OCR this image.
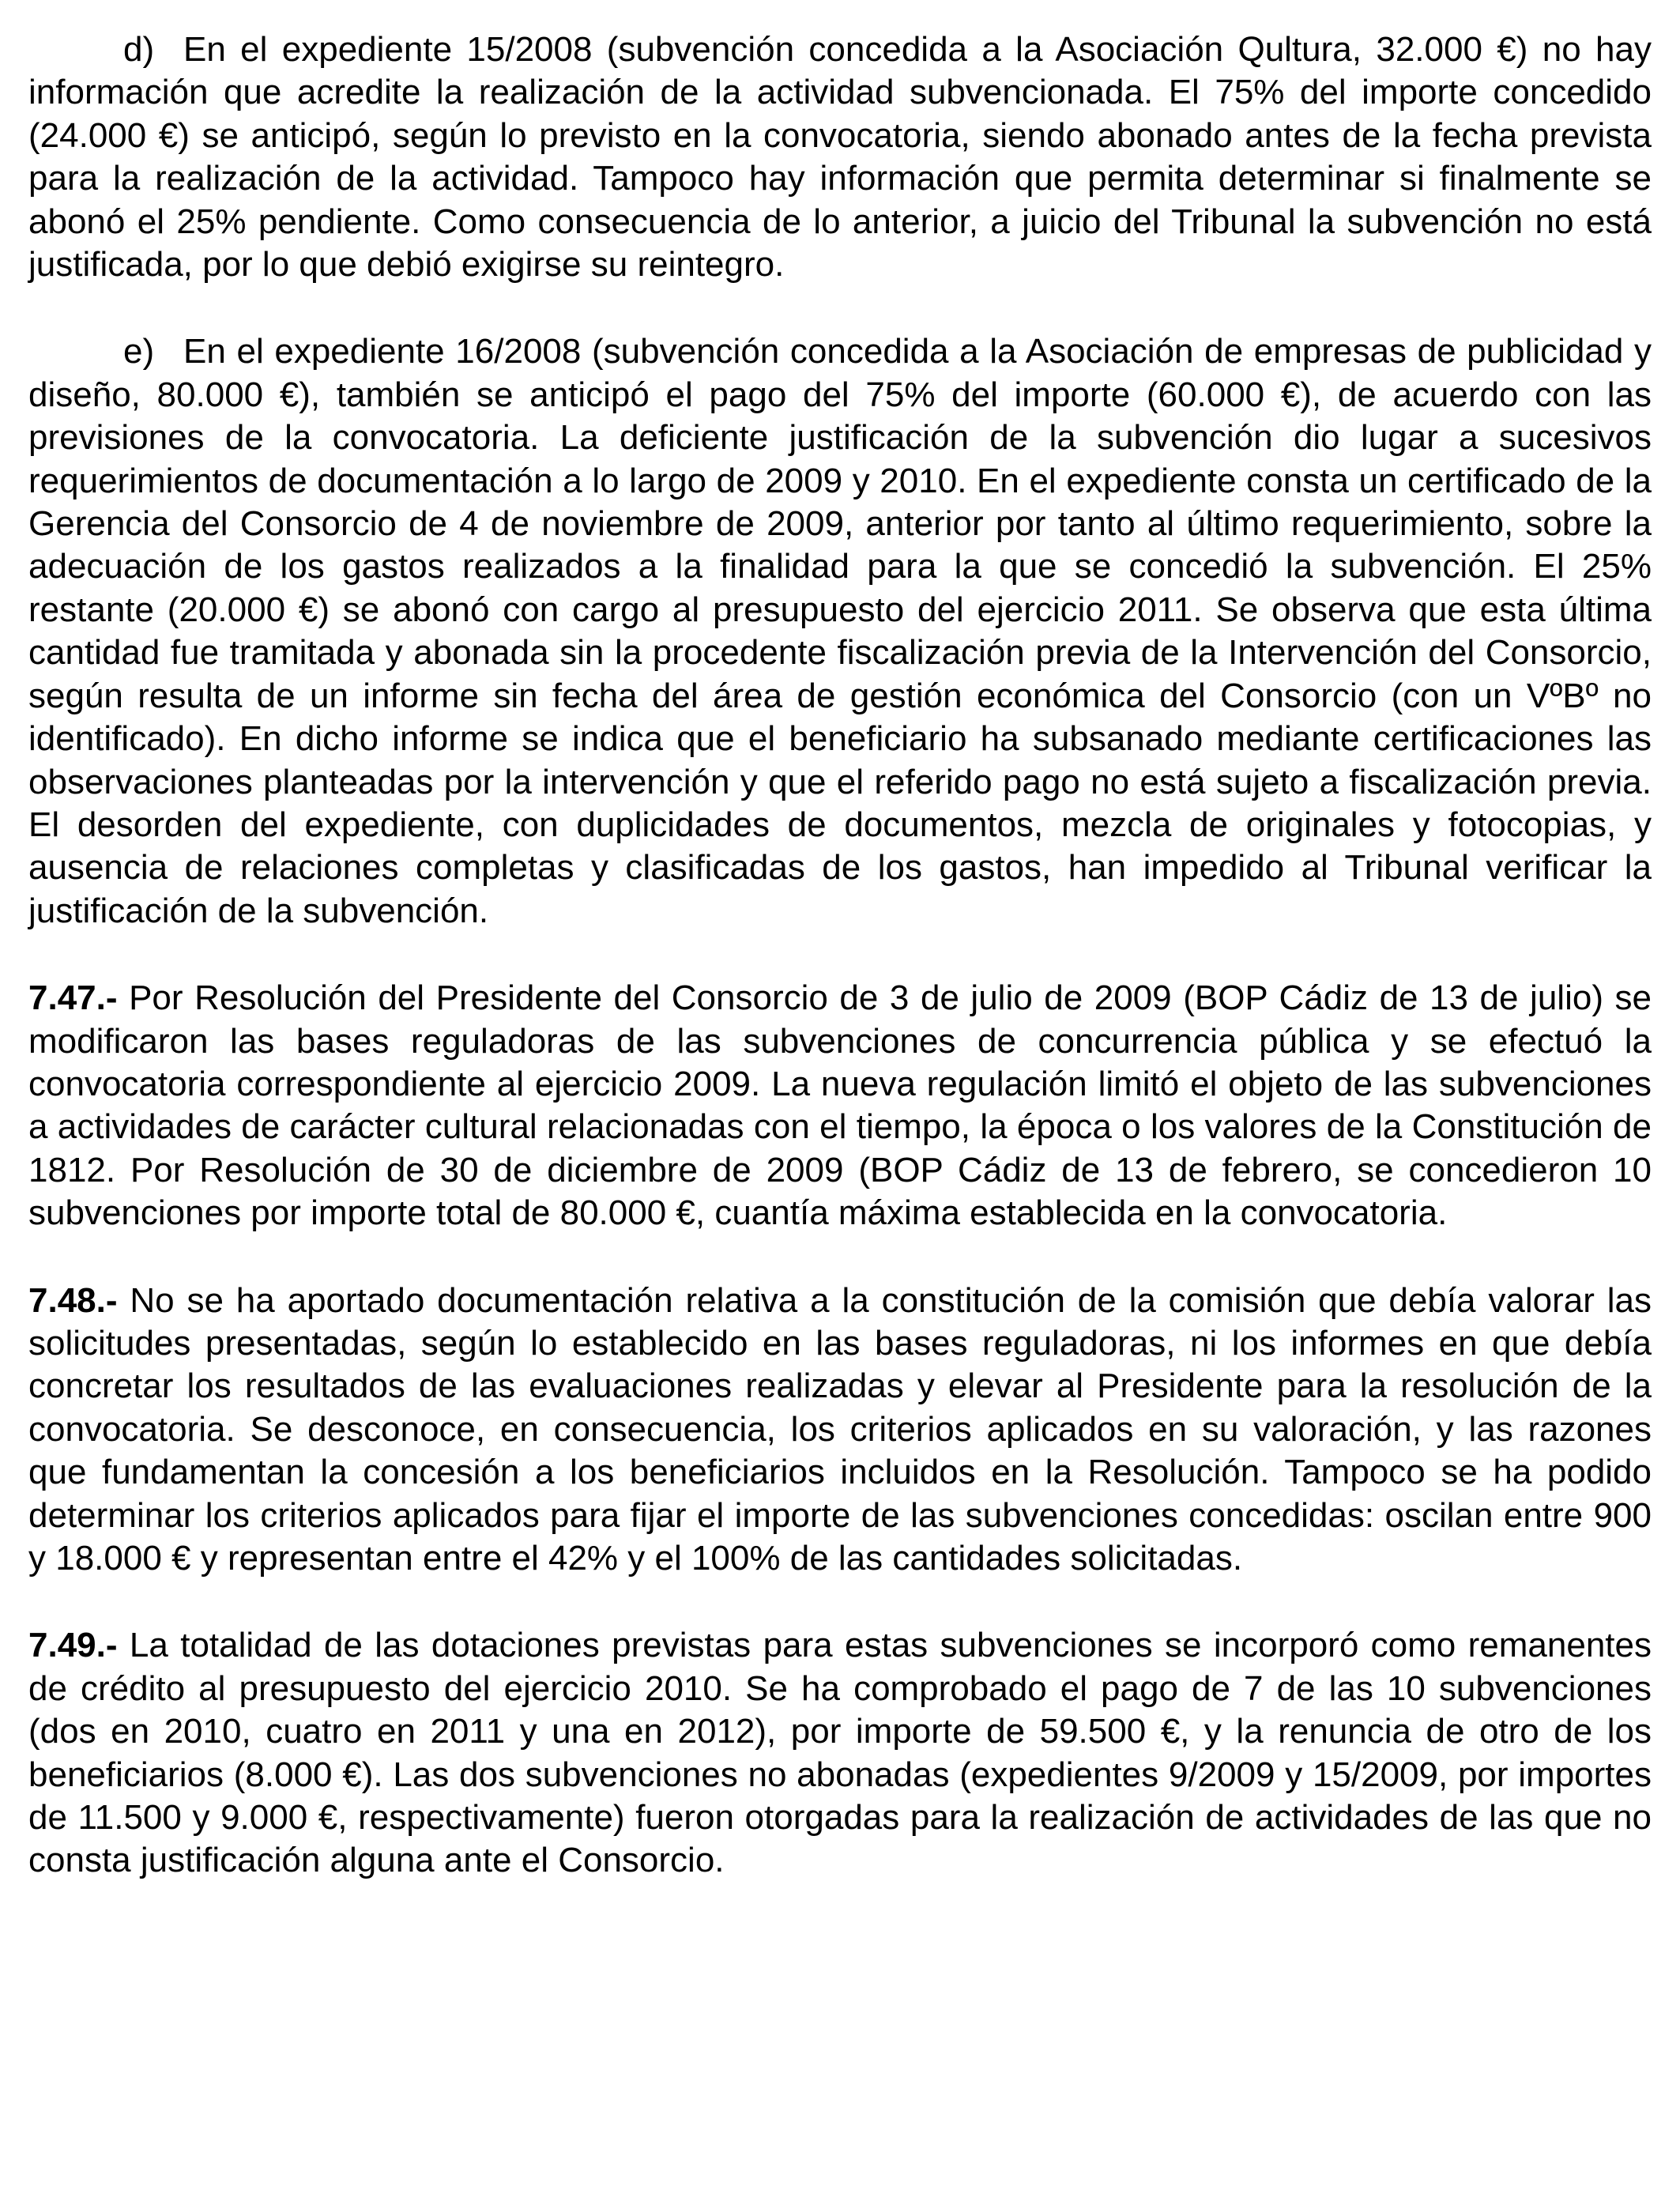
d) En el expediente 15/2008 (subvención concedida a la Asociación Qultura, 32.000 €) no hay información que acredite la realización de la actividad subvencionada. El 75% del importe concedido (24.000 €) se anticipó, según lo previsto en la convocatoria, siendo abonado antes de la fecha prevista para la realización de la actividad. Tampoco hay información que permita determinar si finalmente se abonó el 25% pendiente. Como consecuencia de lo anterior, a juicio del Tribunal la subvención no está justificada, por lo que debió exigirse su reintegro.

e) En el expediente 16/2008 (subvención concedida a la Asociación de empresas de publicidad y diseño, 80.000 €), también se anticipó el pago del 75% del importe (60.000 €), de acuerdo con las previsiones de la convocatoria. La deficiente justificación de la subvención dio lugar a sucesivos requerimientos de documentación a lo largo de 2009 y 2010. En el expediente consta un certificado de la Gerencia del Consorcio de 4 de noviembre de 2009, anterior por tanto al último requerimiento, sobre la adecuación de los gastos realizados a la finalidad para la que se concedió la subvención. El 25% restante (20.000 €) se abonó con cargo al presupuesto del ejercicio 2011. Se observa que esta última cantidad fue tramitada y abonada sin la procedente fiscalización previa de la Intervención del Consorcio, según resulta de un informe sin fecha del área de gestión económica del Consorcio (con un VºBº no identificado). En dicho informe se indica que el beneficiario ha subsanado mediante certificaciones las observaciones planteadas por la intervención y que el referido pago no está sujeto a fiscalización previa. El desorden del expediente, con duplicidades de documentos, mezcla de originales y fotocopias, y ausencia de relaciones completas y clasificadas de los gastos, han impedido al Tribunal verificar la justificación de la subvención.

7.47.- Por Resolución del Presidente del Consorcio de 3 de julio de 2009 (BOP Cádiz de 13 de julio) se modificaron las bases reguladoras de las subvenciones de concurrencia pública y se efectuó la convocatoria correspondiente al ejercicio 2009. La nueva regulación limitó el objeto de las subvenciones a actividades de carácter cultural relacionadas con el tiempo, la época o los valores de la Constitución de 1812. Por Resolución de 30 de diciembre de 2009 (BOP Cádiz de 13 de febrero, se concedieron 10 subvenciones por importe total de 80.000 €, cuantía máxima establecida en la convocatoria.

7.48.- No se ha aportado documentación relativa a la constitución de la comisión que debía valorar las solicitudes presentadas, según lo establecido en las bases reguladoras, ni los informes en que debía concretar los resultados de las evaluaciones realizadas y elevar al Presidente para la resolución de la convocatoria. Se desconoce, en consecuencia, los criterios aplicados en su valoración, y las razones que fundamentan la concesión a los beneficiarios incluidos en la Resolución. Tampoco se ha podido determinar los criterios aplicados para fijar el importe de las subvenciones concedidas: oscilan entre 900 y 18.000 € y representan entre el 42% y el 100% de las cantidades solicitadas.

7.49.- La totalidad de las dotaciones previstas para estas subvenciones se incorporó como remanentes de crédito al presupuesto del ejercicio 2010. Se ha comprobado el pago de 7 de las 10 subvenciones (dos en 2010, cuatro en 2011 y una en 2012), por importe de 59.500 €, y la renuncia de otro de los beneficiarios (8.000 €). Las dos subvenciones no abonadas (expedientes 9/2009 y 15/2009, por importes de 11.500 y 9.000 €, respectivamente) fueron otorgadas para la realización de actividades de las que no consta justificación alguna ante el Consorcio.
